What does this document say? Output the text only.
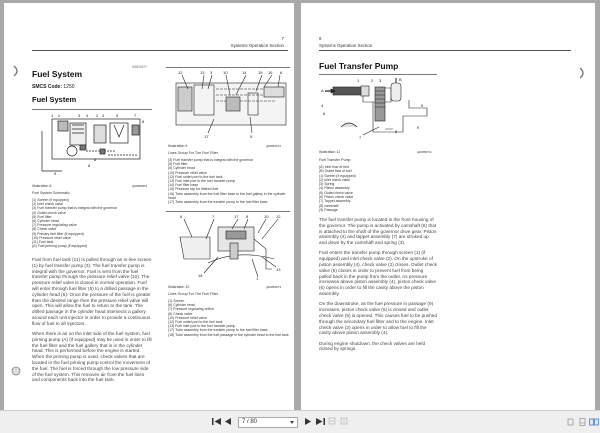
7
Systems Operation Section
i01824577
Fuel System
SMCS Code: 1250
Fuel System
1 2	3 4 2 4	5	7
8
8
9
6
Illustration 8	g00958903
Fuel System Schematic
(1) Screen (if equipped)
(2) Inlet check valve
(3) Fuel transfer pump that is integral with the governor
(4) Outlet check valve
(5) Fuel filter
(6) Cylinder head
(7) Pressure regulating valve
(8) Check valve
(9) Primary fuel filter (if equipped)
(10) Pressure relief valve
(11) Fuel tank
(A) Fuel priming pump (if equipped)

Fuel from fuel tank (11) is pulled through an in-line screen (1) by fuel transfer pump (3). The fuel transfer pump is integral with the governor. Fuel is sent from the fuel transfer pump through the pressure relief valve (10). The pressure relief valve is closed in normal operation. Fuel will enter through fuel filter (5) to a drilled passage in the cylinder head (6). Once the pressure of the fuel is greater than the desired range then the pressure relief valve will open. This will allow the fuel to return to the tank. The drilled passage in the cylinder head intersects a gallery around each unit injector in order to provide a continuous flow of fuel to all injectors.

When there is air on the inlet side of the fuel system, fuel priming pump (A) (if equipped) may be used in order to fill the fuel filter and the fuel gallery that is in the cylinder head. This is performed before the engine is started. When the priming pump is used, check valves that are located in the fuel priming pump control the movement of the fuel. The fuel is forced through the low pressure side of the fuel system. This removes air from the fuel lines and components back into the fuel tank.

12	13 3	10	14	15 16 6
17	5
Illustration 9	g00959072
Lines Group For The Fuel Filter
(3) Fuel transfer pump that is integral with the governor
(5) Fuel filter
(6) Cylinder head
(10) Pressure relief valve
(12) Fuel outlet port to the fuel tank
(13) Fuel inlet port to the fuel transfer pump
(14) Fuel filter base
(15) Pressure tap for filtered fuel
(16) Tube assembly from the fuel filter base to the fuel gallery in the cylinder head
(17) Tube assembly from the transfer pump to the fuel filter base
6	7	17 8	10 12
18
13
1
Illustration 10	g00959073
Lines Group For The Fuel Filter
(1) Screen
(6) Cylinder head
(7) Pressure regulating orifice
(8) Check valve
(10) Pressure relief valve
(12) Fuel outlet port to the fuel tank
(13) Fuel inlet port to the fuel transfer pump
(17) Tube assembly from the transfer pump to the fuel filter base
(18) Tube assembly from the fuel passage in the cylinder head to the fuel tank
8
Systems Operation Section
Fuel Transfer Pump
1	2 3	B
A
4	5
6
7
8
9
Illustration 11	g00958711
Fuel Transfer Pump
(A) Inlet flow of fuel
(B) Outlet flow of fuel
(1) Screen (if equipped)
(2) Inlet check valve
(3) Spring
(4) Piston assembly
(5) Outlet check valve
(6) Piston check valve
(7) Tappet assembly
(8) camshaft
(9) Passage

The fuel transfer pump is located in the front housing of the governor. The pump is activated by camshaft (8) that is attached to the shaft of the governor drive gear. Piston assembly (4) and tappet assembly (7) are stroked up and down by the camshaft and spring (3).

Fuel enters the transfer pump through screen (1) (if equipped) and inlet check valve (2). On the upstroke of piston assembly (4), check valve (2) closes. Outlet check valve (5) closes in order to prevent fuel from being pulled back in the pump from the outlet. As pressure increases above piston assembly (4), piston check valve (6) opens in order to fill the cavity above the piston assembly.

On the downstroke, as the fuel pressure in passage (9) increases, piston check valve (6) is closed and outlet check valve (5) is opened. This causes fuel to be pushed through the secondary fuel filter and to the engine. Inlet check valve (2) opens in order to allow fuel to fill the cavity above piston assembly (4).

During engine shutdown, the check valves are held closed by springs.

7 / 80
